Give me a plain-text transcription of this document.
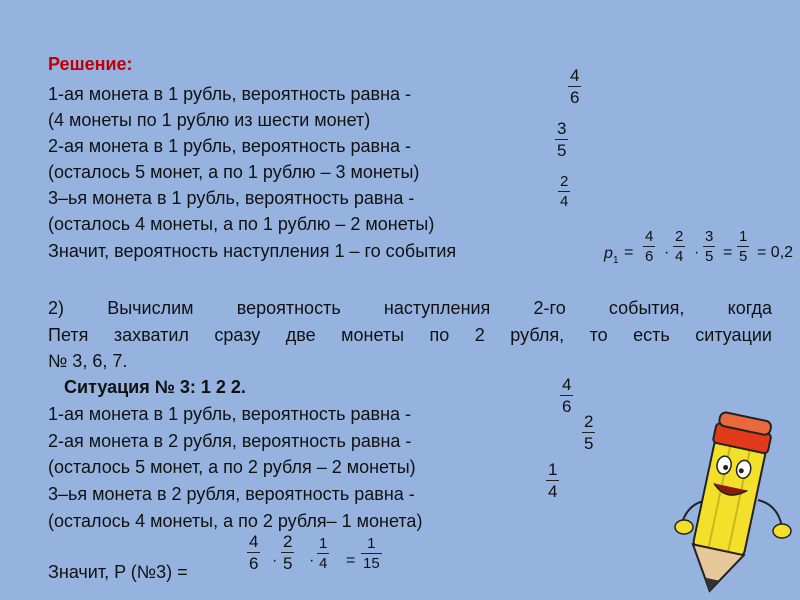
Решение:
1-ая монета в 1 рубль, вероятность равна -
(4 монеты по 1 рублю из шести монет)
2-ая монета в 1 рубль, вероятность равна -
(осталось 5 монет, а по 1 рублю – 3 монеты)
3–ья монета в 1 рубль, вероятность равна -
(осталось 4 монеты, а по 1 рублю – 2 монеты)
Значит, вероятность наступления 1 – го события
4
6
3
5
2
4
p 1 =
4
6 ·
2
4 ·
3
5 =
1
5 = 0,2
2) Вычислим вероятность наступления 2-го события, когда
Петя захватил сразу две монеты по 2 рубля, то есть ситуации
№ 3, 6, 7.
Ситуация № 3: 1 2 2.
1-ая монета в 1 рубль, вероятность равна -
2-ая монета в 2 рубля, вероятность равна -
(осталось 5 монет, а по 2 рубля – 2 монеты)
3–ья монета в 2 рубля, вероятность равна -
(осталось 4 монеты, а по 2 рубля– 1 монета)
4
6
2
5
1
4
Значит, P (№3) =
4
6 ·
2
5 ·
1
4 =
1
15
